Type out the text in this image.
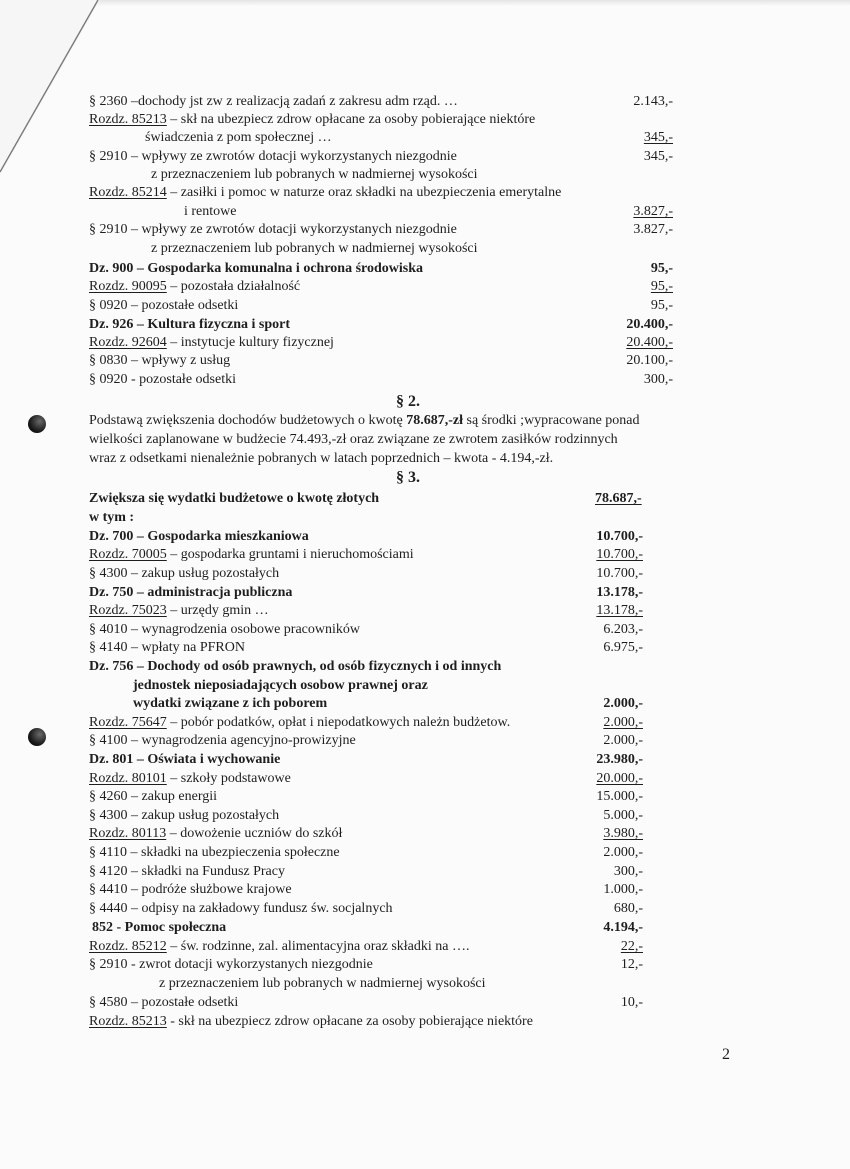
§ 2360 –dochody jst zw z realizacją zadań z zakresu adm rząd. …	2.143,-
Rozdz. 85213 – skł na ubezpiecz zdrow opłacane za osoby pobierające niektóre
świadczenia z pom społecznej …	345,-
§ 2910 – wpływy ze zwrotów dotacji wykorzystanych niezgodnie	345,-
z przeznaczeniem lub pobranych w nadmiernej wysokości
Rozdz. 85214 – zasiłki i pomoc w naturze oraz składki na ubezpieczenia emerytalne
i rentowe	3.827,-
§ 2910 – wpływy ze zwrotów dotacji wykorzystanych niezgodnie	3.827,-
z przeznaczeniem lub pobranych w nadmiernej wysokości
Dz. 900 – Gospodarka komunalna i ochrona środowiska	95,-
Rozdz. 90095 – pozostała działalność	95,-
§ 0920 – pozostałe odsetki	95,-
Dz. 926 – Kultura fizyczna i sport	20.400,-
Rozdz. 92604 – instytucje kultury fizycznej	20.400,-
§ 0830 – wpływy z usług	20.100,-
§ 0920 - pozostałe odsetki	300,-
§ 2.
Podstawą zwiększenia dochodów budżetowych o kwotę 78.687,-zł są środki ;wypracowane ponad
wielkości zaplanowane w budżecie 74.493,-zł oraz związane ze zwrotem zasiłków rodzinnych
wraz z odsetkami nienależnie pobranych w latach poprzednich – kwota - 4.194,-zł.
§ 3.
Zwiększa się wydatki budżetowe o kwotę złotych	78.687,-
w tym :
Dz. 700 – Gospodarka mieszkaniowa	10.700,-
Rozdz. 70005 – gospodarka gruntami i nieruchomościami	10.700,-
§ 4300 – zakup usług pozostałych	10.700,-
Dz. 750 – administracja publiczna	13.178,-
Rozdz. 75023 – urzędy gmin …	13.178,-
§ 4010 – wynagrodzenia osobowe pracowników	6.203,-
§ 4140 – wpłaty na PFRON	6.975,-
Dz. 756 – Dochody od osób prawnych, od osób fizycznych i od innych
jednostek nieposiadających osobow prawnej oraz
wydatki związane z ich poborem	2.000,-
Rozdz. 75647 – pobór podatków, opłat i niepodatkowych należn budżetow.	2.000,-
§ 4100 – wynagrodzenia agencyjno-prowizyjne	2.000,-
Dz. 801 – Oświata i wychowanie	23.980,-
Rozdz. 80101 – szkoły podstawowe	20.000,-
§ 4260 – zakup energii	15.000,-
§ 4300 – zakup usług pozostałych	5.000,-
Rozdz. 80113 – dowożenie uczniów do szkół	3.980,-
§ 4110 – składki na ubezpieczenia społeczne	2.000,-
§ 4120 – składki na Fundusz Pracy	300,-
§ 4410 – podróże służbowe krajowe	1.000,-
§ 4440 – odpisy na zakładowy fundusz św. socjalnych	680,-
852 - Pomoc społeczna	4.194,-
Rozdz. 85212 – św. rodzinne, zal. alimentacyjna oraz składki na ….	22,-
§ 2910 - zwrot dotacji wykorzystanych niezgodnie	12,-
z przeznaczeniem lub pobranych w nadmiernej wysokości
§ 4580 – pozostałe odsetki	10,-
Rozdz. 85213 - skł na ubezpiecz zdrow opłacane za osoby pobierające niektóre
2
